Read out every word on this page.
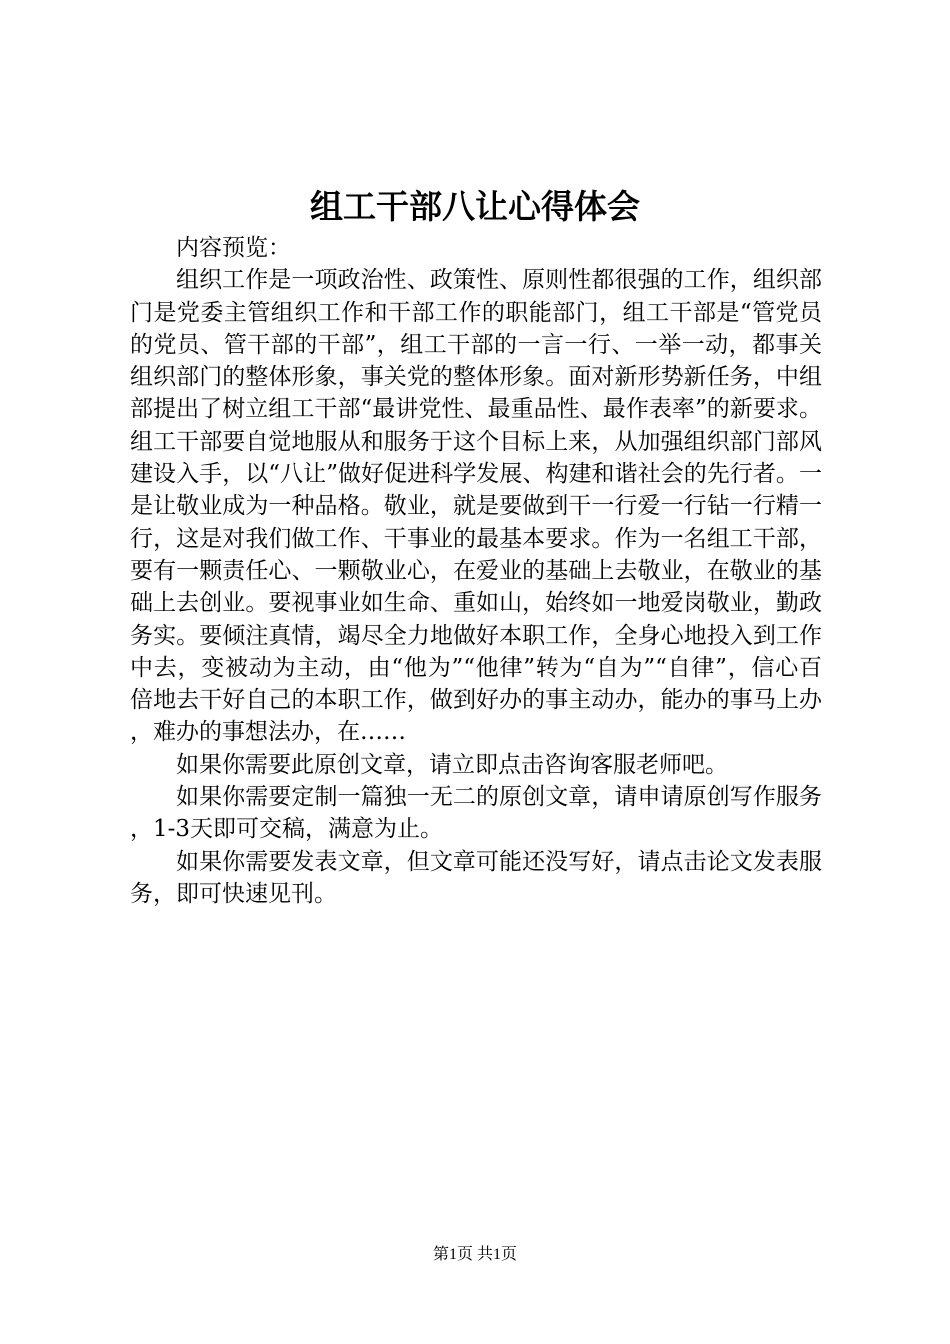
组工干部八让心得体会

内容预览：

组织工作是一项政治性、政策性、原则性都很强的工作，组织部门是党委主管组织工作和干部工作的职能部门，组工干部是“管党员的党员、管干部的干部”，组工干部的一言一行、一举一动，都事关组织部门的整体形象，事关党的整体形象。面对新形势新任务，中组部提出了树立组工干部“最讲党性、最重品性、最作表率”的新要求。组工干部要自觉地服从和服务于这个目标上来，从加强组织部门部风建设入手，以“八让”做好促进科学发展、构建和谐社会的先行者。一是让敬业成为一种品格。敬业，就是要做到干一行爱一行钻一行精一行，这是对我们做工作、干事业的最基本要求。作为一名组工干部，要有一颗责任心、一颗敬业心，在爱业的基础上去敬业，在敬业的基础上去创业。要视事业如生命、重如山，始终如一地爱岗敬业，勤政务实。要倾注真情，竭尽全力地做好本职工作，全身心地投入到工作中去，变被动为主动，由“他为”“他律”转为“自为”“自律”，信心百倍地去干好自己的本职工作，做到好办的事主动办，能办的事马上办，难办的事想法办，在……

如果你需要此原创文章，请立即点击咨询客服老师吧。

如果你需要定制一篇独一无二的原创文章，请申请原创写作服务，1-3天即可交稿，满意为止。

如果你需要发表文章，但文章可能还没写好，请点击论文发表服务，即可快速见刊。

第1页 共1页
